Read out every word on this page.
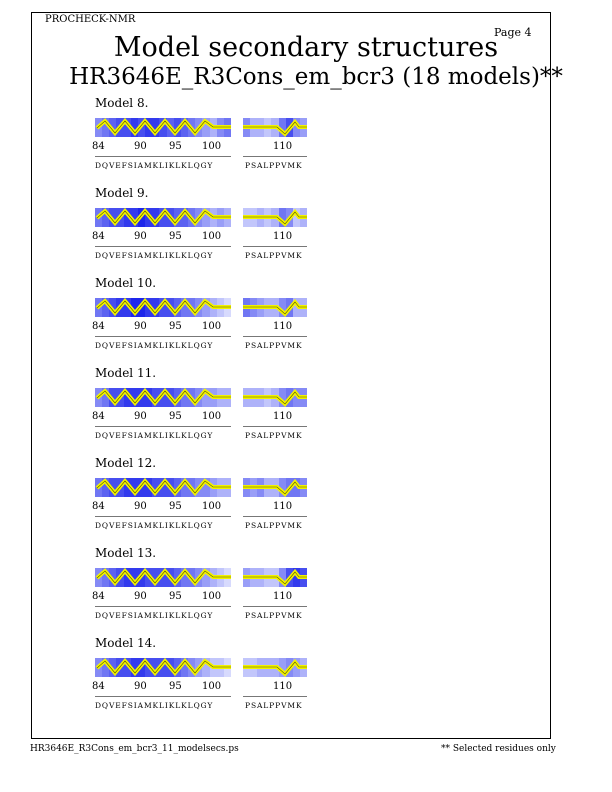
PROCHECK-NMR
Page 4
Model secondary structures
HR3646E_R3Cons_em_bcr3 (18 models)**
Model 8.
84	90 95 100	110
DQVEFSIAMKLIKLKLQGY	PSALPPVMK
Model 9.
84	90 95 100	110
DQVEFSIAMKLIKLKLQGY	PSALPPVMK
Model 10.
84	90 95 100	110
DQVEFSIAMKLIKLKLQGY	PSALPPVMK
Model 11.
84	90 95 100	110
DQVEFSIAMKLIKLKLQGY	PSALPPVMK
Model 12.
84	90 95 100	110
DQVEFSIAMKLIKLKLQGY	PSALPPVMK
Model 13.
84	90 95 100	110
DQVEFSIAMKLIKLKLQGY	PSALPPVMK
Model 14.
84	90 95 100	110
DQVEFSIAMKLIKLKLQGY	PSALPPVMK
HR3646E_R3Cons_em_bcr3_11_modelsecs.ps	** Selected residues only
